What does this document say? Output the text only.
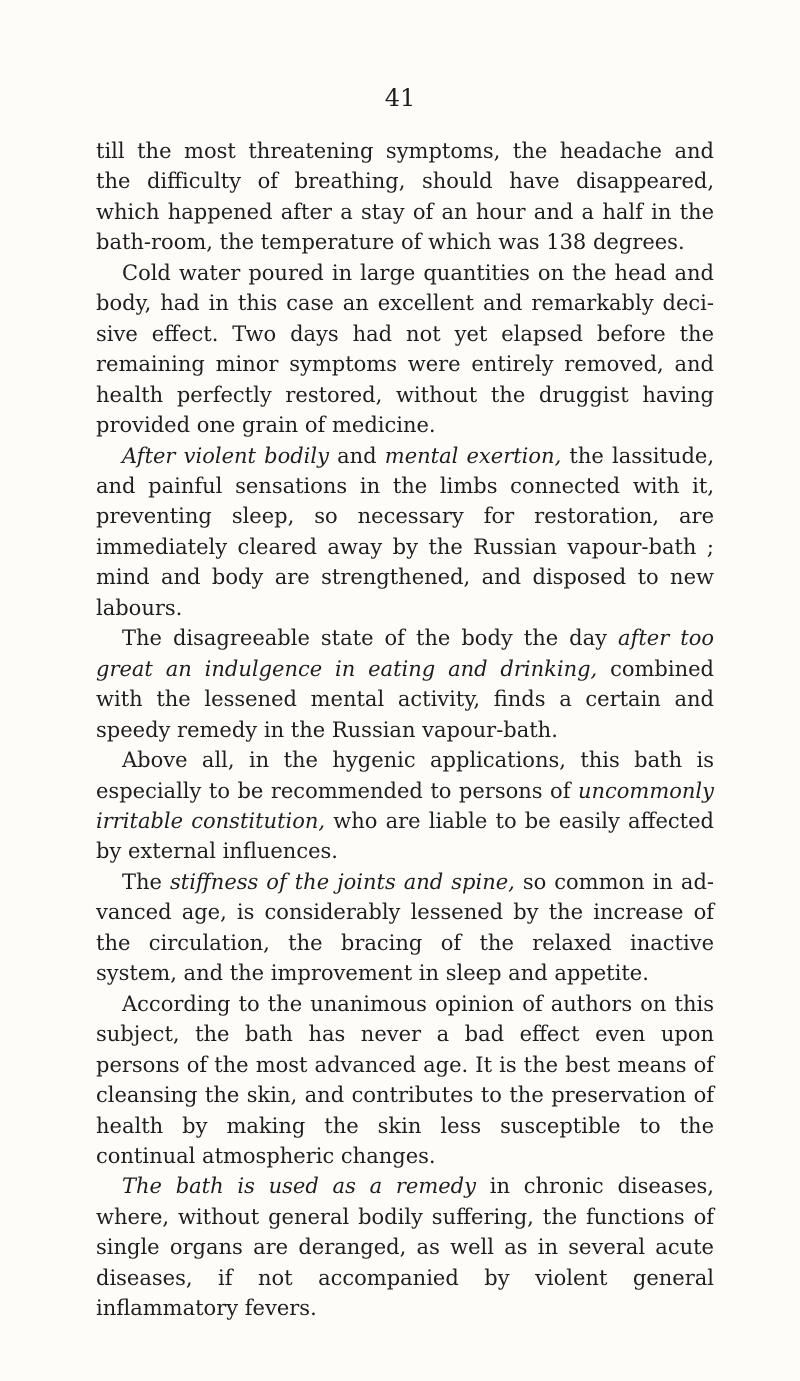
41

till the most threatening symptoms, the headache and the difficulty of breathing, should have disappeared, which happened after a stay of an hour and a half in the bath-room, the temperature of which was 138 degrees.

Cold water poured in large quantities on the head and body, had in this case an excellent and remarkably decisive effect. Two days had not yet elapsed before the remaining minor symptoms were entirely removed, and health perfectly restored, without the druggist having provided one grain of medicine.

After violent bodily and mental exertion, the lassitude, and painful sensations in the limbs connected with it, preventing sleep, so necessary for restoration, are immediately cleared away by the Russian vapour-bath ; mind and body are strengthened, and disposed to new labours.

The disagreeable state of the body the day after too great an indulgence in eating and drinking, combined with the lessened mental activity, finds a certain and speedy remedy in the Russian vapour-bath.

Above all, in the hygenic applications, this bath is especially to be recommended to persons of uncommonly irritable constitution, who are liable to be easily affected by external influences.

The stiffness of the joints and spine, so common in advanced age, is considerably lessened by the increase of the circulation, the bracing of the relaxed inactive system, and the improvement in sleep and appetite.

According to the unanimous opinion of authors on this subject, the bath has never a bad effect even upon persons of the most advanced age. It is the best means of cleansing the skin, and contributes to the preservation of health by making the skin less susceptible to the continual atmospheric changes.

The bath is used as a remedy in chronic diseases, where, without general bodily suffering, the functions of single organs are deranged, as well as in several acute diseases, if not accompanied by violent general inflammatory fevers.
